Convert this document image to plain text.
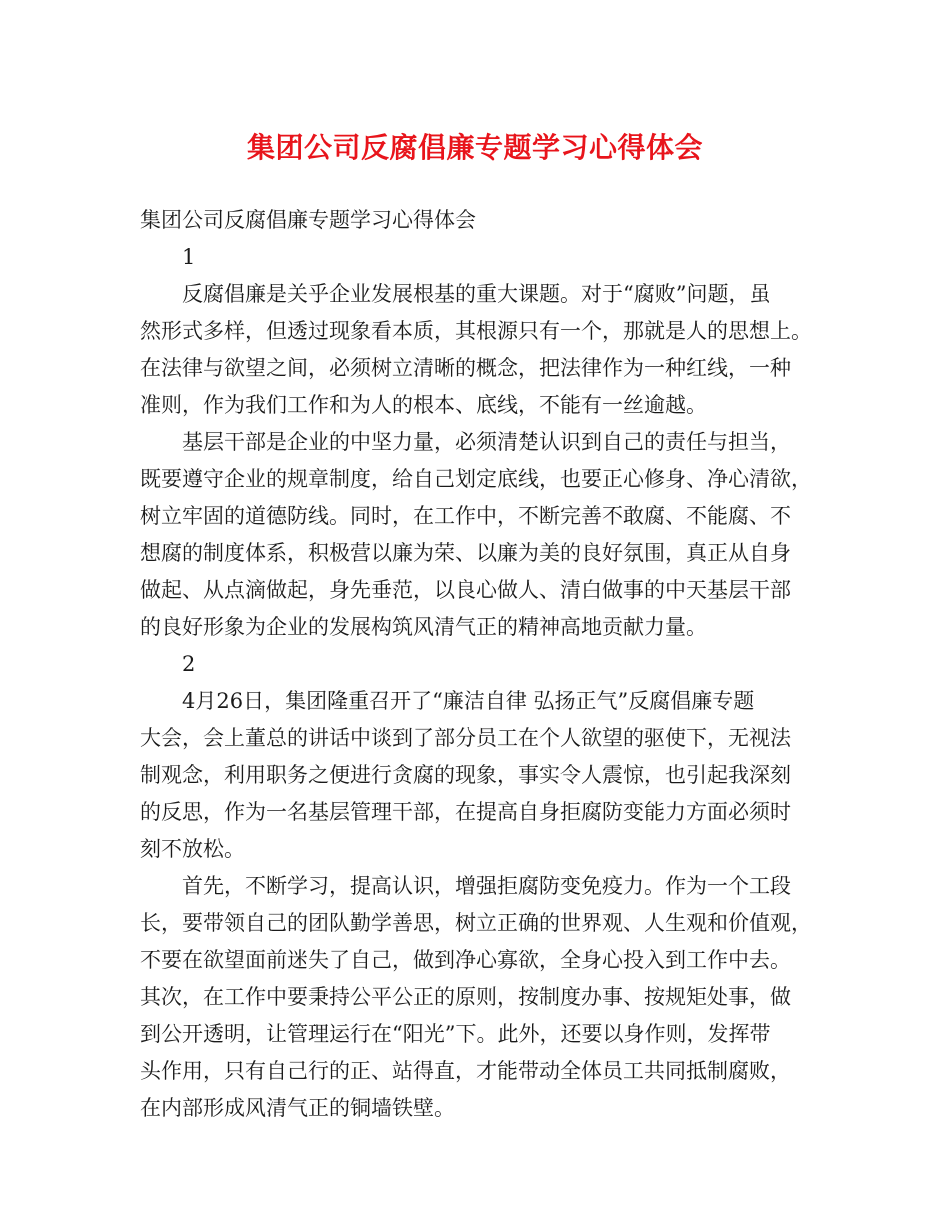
集团公司反腐倡廉专题学习心得体会
集团公司反腐倡廉专题学习心得体会
1
反腐倡廉是关乎企业发展根基的重大课题。对于“腐败”问题，虽
然形式多样，但透过现象看本质，其根源只有一个，那就是人的思想上。
在法律与欲望之间，必须树立清晰的概念，把法律作为一种红线，一种
准则，作为我们工作和为人的根本、底线，不能有一丝逾越。
基层干部是企业的中坚力量，必须清楚认识到自己的责任与担当，
既要遵守企业的规章制度，给自己划定底线，也要正心修身、净心清欲，
树立牢固的道德防线。同时，在工作中，不断完善不敢腐、不能腐、不
想腐的制度体系，积极营以廉为荣、以廉为美的良好氛围，真正从自身
做起、从点滴做起，身先垂范，以良心做人、清白做事的中天基层干部
的良好形象为企业的发展构筑风清气正的精神高地贡献力量。
2
4月26日，集团隆重召开了“廉洁自律 弘扬正气”反腐倡廉专题
大会，会上董总的讲话中谈到了部分员工在个人欲望的驱使下，无视法
制观念，利用职务之便进行贪腐的现象，事实令人震惊，也引起我深刻
的反思，作为一名基层管理干部，在提高自身拒腐防变能力方面必须时
刻不放松。
首先，不断学习，提高认识，增强拒腐防变免疫力。作为一个工段
长，要带领自己的团队勤学善思，树立正确的世界观、人生观和价值观，
不要在欲望面前迷失了自己，做到净心寡欲，全身心投入到工作中去。
其次，在工作中要秉持公平公正的原则，按制度办事、按规矩处事，做
到公开透明，让管理运行在“阳光”下。此外，还要以身作则，发挥带
头作用，只有自己行的正、站得直，才能带动全体员工共同抵制腐败，
在内部形成风清气正的铜墙铁壁。
